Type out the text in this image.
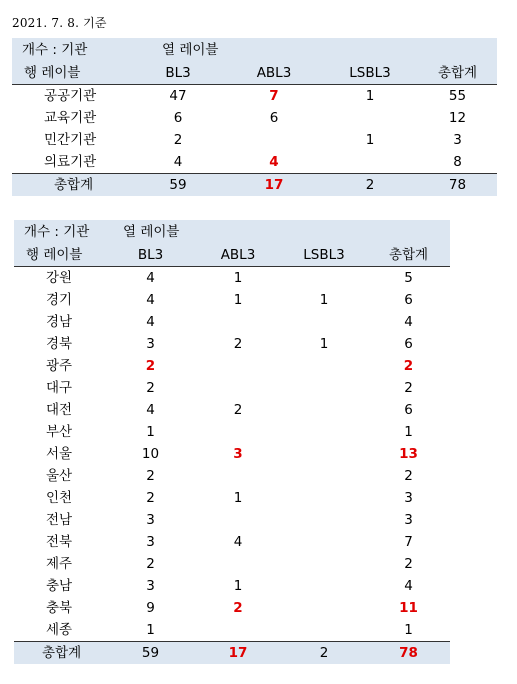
2021. 7. 8. 기준
개수 : 기관	열 레이블			
행 레이블	BL3	ABL3	LSBL3	총합계
공공기관	47	7	1	55
교육기관	6	6		12
민간기관	2		1	3
의료기관	4	4		8
총합계	59	17	2	78
개수 : 기관	열 레이블			
행 레이블	BL3	ABL3	LSBL3	총합계
강원	4	1		5
경기	4	1	1	6
경남	4			4
경북	3	2	1	6
광주	2			2
대구	2			2
대전	4	2		6
부산	1			1
서울	10	3		13
울산	2			2
인천	2	1		3
전남	3			3
전북	3	4		7
제주	2			2
충남	3	1		4
충북	9	2		11
세종	1			1
총합계	59	17	2	78
